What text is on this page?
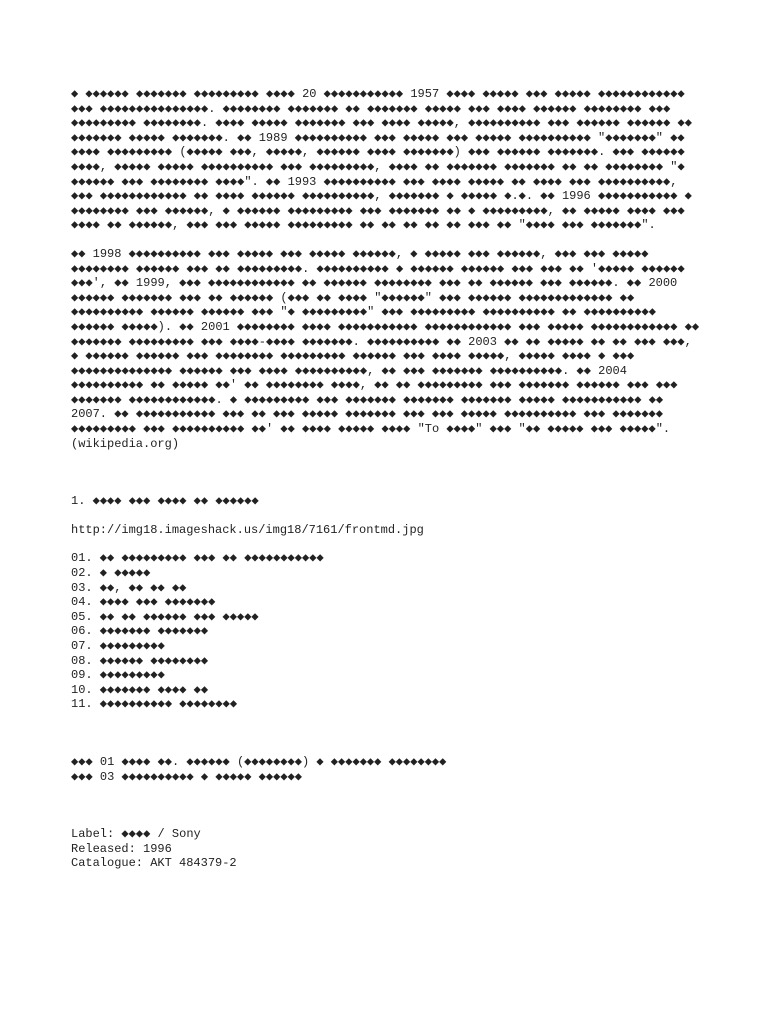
◆ ◆◆◆◆◆◆ ◆◆◆◆◆◆◆ ◆◆◆◆◆◆◆◆◆ ◆◆◆◆ 20 ◆◆◆◆◆◆◆◆◆◆◆ 1957 ◆◆◆◆ ◆◆◆◆◆ ◆◆◆ ◆◆◆◆◆ ◆◆◆◆◆◆◆◆◆◆◆◆ ◆◆◆ ◆◆◆◆◆◆◆◆◆◆◆◆◆◆◆. ◆◆◆◆◆◆◆◆ ◆◆◆◆◆◆◆ ◆◆ ◆◆◆◆◆◆◆ ◆◆◆◆◆ ◆◆◆ ◆◆◆◆ ◆◆◆◆◆◆ ◆◆◆◆◆◆◆◆ ◆◆◆ ◆◆◆◆◆◆◆◆◆ ◆◆◆◆◆◆◆◆. ◆◆◆◆ ◆◆◆◆◆ ◆◆◆◆◆◆◆ ◆◆◆ ◆◆◆◆ ◆◆◆◆◆, ◆◆◆◆◆◆◆◆◆◆ ◆◆◆ ◆◆◆◆◆◆ ◆◆◆◆◆◆ ◆◆ ◆◆◆◆◆◆◆ ◆◆◆◆◆ ◆◆◆◆◆◆◆. ◆◆ 1989 ◆◆◆◆◆◆◆◆◆◆ ◆◆◆ ◆◆◆◆◆ ◆◆◆ ◆◆◆◆◆ ◆◆◆◆◆◆◆◆◆◆ "◆◆◆◆◆◆◆" ◆◆ ◆◆◆◆ ◆◆◆◆◆◆◆◆◆ (◆◆◆◆◆ ◆◆◆, ◆◆◆◆◆, ◆◆◆◆◆◆ ◆◆◆◆ ◆◆◆◆◆◆◆) ◆◆◆ ◆◆◆◆◆◆ ◆◆◆◆◆◆◆. ◆◆◆ ◆◆◆◆◆◆ ◆◆◆◆, ◆◆◆◆◆ ◆◆◆◆◆ ◆◆◆◆◆◆◆◆◆◆ ◆◆◆ ◆◆◆◆◆◆◆◆◆, ◆◆◆◆ ◆◆ ◆◆◆◆◆◆◆ ◆◆◆◆◆◆◆ ◆◆ ◆◆ ◆◆◆◆◆◆◆◆ "◆ ◆◆◆◆◆◆ ◆◆◆ ◆◆◆◆◆◆◆◆ ◆◆◆◆". ◆◆ 1993 ◆◆◆◆◆◆◆◆◆◆ ◆◆◆ ◆◆◆◆ ◆◆◆◆◆ ◆◆ ◆◆◆◆ ◆◆◆ ◆◆◆◆◆◆◆◆◆◆, ◆◆◆ ◆◆◆◆◆◆◆◆◆◆◆◆ ◆◆ ◆◆◆◆ ◆◆◆◆◆◆ ◆◆◆◆◆◆◆◆◆◆, ◆◆◆◆◆◆◆ ◆ ◆◆◆◆◆ ◆.◆. ◆◆ 1996 ◆◆◆◆◆◆◆◆◆◆◆ ◆ ◆◆◆◆◆◆◆◆ ◆◆◆ ◆◆◆◆◆◆, ◆ ◆◆◆◆◆◆ ◆◆◆◆◆◆◆◆◆ ◆◆◆ ◆◆◆◆◆◆◆ ◆◆ ◆ ◆◆◆◆◆◆◆◆◆, ◆◆ ◆◆◆◆◆ ◆◆◆◆ ◆◆◆ ◆◆◆◆ ◆◆ ◆◆◆◆◆◆, ◆◆◆ ◆◆◆ ◆◆◆◆◆ ◆◆◆◆◆◆◆◆◆ ◆◆ ◆◆ ◆◆ ◆◆ ◆◆ ◆◆◆ ◆◆ "◆◆◆◆ ◆◆◆ ◆◆◆◆◆◆◆".

◆◆ 1998 ◆◆◆◆◆◆◆◆◆◆ ◆◆◆ ◆◆◆◆◆ ◆◆◆ ◆◆◆◆◆ ◆◆◆◆◆◆, ◆ ◆◆◆◆◆ ◆◆◆ ◆◆◆◆◆◆, ◆◆◆ ◆◆◆ ◆◆◆◆◆ ◆◆◆◆◆◆◆◆ ◆◆◆◆◆◆ ◆◆◆ ◆◆ ◆◆◆◆◆◆◆◆◆. ◆◆◆◆◆◆◆◆◆◆ ◆ ◆◆◆◆◆◆ ◆◆◆◆◆◆ ◆◆◆ ◆◆◆ ◆◆ '◆◆◆◆◆ ◆◆◆◆◆◆ ◆◆◆', ◆◆ 1999, ◆◆◆ ◆◆◆◆◆◆◆◆◆◆◆◆ ◆◆ ◆◆◆◆◆◆ ◆◆◆◆◆◆◆◆ ◆◆◆ ◆◆ ◆◆◆◆◆◆ ◆◆◆ ◆◆◆◆◆◆. ◆◆ 2000 ◆◆◆◆◆◆ ◆◆◆◆◆◆◆ ◆◆◆ ◆◆ ◆◆◆◆◆◆ (◆◆◆ ◆◆ ◆◆◆◆ "◆◆◆◆◆◆" ◆◆◆ ◆◆◆◆◆◆ ◆◆◆◆◆◆◆◆◆◆◆◆◆ ◆◆ ◆◆◆◆◆◆◆◆◆◆ ◆◆◆◆◆◆ ◆◆◆◆◆◆ ◆◆◆ "◆ ◆◆◆◆◆◆◆◆◆" ◆◆◆ ◆◆◆◆◆◆◆◆◆ ◆◆◆◆◆◆◆◆◆◆ ◆◆ ◆◆◆◆◆◆◆◆◆◆ ◆◆◆◆◆◆ ◆◆◆◆◆). ◆◆ 2001 ◆◆◆◆◆◆◆◆ ◆◆◆◆ ◆◆◆◆◆◆◆◆◆◆◆ ◆◆◆◆◆◆◆◆◆◆◆◆ ◆◆◆ ◆◆◆◆◆ ◆◆◆◆◆◆◆◆◆◆◆◆ ◆◆ ◆◆◆◆◆◆◆ ◆◆◆◆◆◆◆◆◆ ◆◆◆ ◆◆◆◆-◆◆◆◆ ◆◆◆◆◆◆◆. ◆◆◆◆◆◆◆◆◆◆ ◆◆ 2003 ◆◆ ◆◆ ◆◆◆◆◆ ◆◆ ◆◆ ◆◆◆ ◆◆◆, ◆ ◆◆◆◆◆◆ ◆◆◆◆◆◆ ◆◆◆ ◆◆◆◆◆◆◆◆ ◆◆◆◆◆◆◆◆◆ ◆◆◆◆◆◆ ◆◆◆ ◆◆◆◆ ◆◆◆◆◆, ◆◆◆◆◆ ◆◆◆◆ ◆ ◆◆◆ ◆◆◆◆◆◆◆◆◆◆◆◆◆◆ ◆◆◆◆◆◆ ◆◆◆ ◆◆◆◆ ◆◆◆◆◆◆◆◆◆◆, ◆◆ ◆◆◆ ◆◆◆◆◆◆◆ ◆◆◆◆◆◆◆◆◆◆. ◆◆ 2004 ◆◆◆◆◆◆◆◆◆◆ ◆◆ ◆◆◆◆◆ ◆◆' ◆◆ ◆◆◆◆◆◆◆◆ ◆◆◆◆, ◆◆ ◆◆ ◆◆◆◆◆◆◆◆◆ ◆◆◆ ◆◆◆◆◆◆◆ ◆◆◆◆◆◆ ◆◆◆ ◆◆◆ ◆◆◆◆◆◆◆ ◆◆◆◆◆◆◆◆◆◆◆◆. ◆ ◆◆◆◆◆◆◆◆◆ ◆◆◆ ◆◆◆◆◆◆◆ ◆◆◆◆◆◆◆ ◆◆◆◆◆◆◆ ◆◆◆◆◆ ◆◆◆◆◆◆◆◆◆◆◆ ◆◆ 2007. ◆◆ ◆◆◆◆◆◆◆◆◆◆◆ ◆◆◆ ◆◆ ◆◆◆ ◆◆◆◆◆ ◆◆◆◆◆◆◆ ◆◆◆ ◆◆◆ ◆◆◆◆◆ ◆◆◆◆◆◆◆◆◆◆ ◆◆◆ ◆◆◆◆◆◆◆ ◆◆◆◆◆◆◆◆◆ ◆◆◆ ◆◆◆◆◆◆◆◆◆◆ ◆◆' ◆◆ ◆◆◆◆ ◆◆◆◆◆ ◆◆◆◆ "To ◆◆◆◆" ◆◆◆ "◆◆ ◆◆◆◆◆ ◆◆◆ ◆◆◆◆◆". (wikipedia.org)

1. ◆◆◆◆ ◆◆◆ ◆◆◆◆ ◆◆ ◆◆◆◆◆◆

http://img18.imageshack.us/img18/7161/frontmd.jpg

01. ◆◆ ◆◆◆◆◆◆◆◆◆ ◆◆◆ ◆◆ ◆◆◆◆◆◆◆◆◆◆◆
02. ◆ ◆◆◆◆◆
03. ◆◆, ◆◆ ◆◆ ◆◆
04. ◆◆◆◆ ◆◆◆ ◆◆◆◆◆◆◆
05. ◆◆ ◆◆ ◆◆◆◆◆◆ ◆◆◆ ◆◆◆◆◆
06. ◆◆◆◆◆◆◆ ◆◆◆◆◆◆◆
07. ◆◆◆◆◆◆◆◆◆
08. ◆◆◆◆◆◆ ◆◆◆◆◆◆◆◆
09. ◆◆◆◆◆◆◆◆◆
10. ◆◆◆◆◆◆◆ ◆◆◆◆ ◆◆
11. ◆◆◆◆◆◆◆◆◆◆ ◆◆◆◆◆◆◆◆
◆◆◆ 01 ◆◆◆◆ ◆◆. ◆◆◆◆◆◆ (◆◆◆◆◆◆◆◆) ◆ ◆◆◆◆◆◆◆ ◆◆◆◆◆◆◆◆
◆◆◆ 03 ◆◆◆◆◆◆◆◆◆◆ ◆ ◆◆◆◆◆ ◆◆◆◆◆◆
Label: ◆◆◆◆ / Sony
Released: 1996
Catalogue: AKT 484379-2
